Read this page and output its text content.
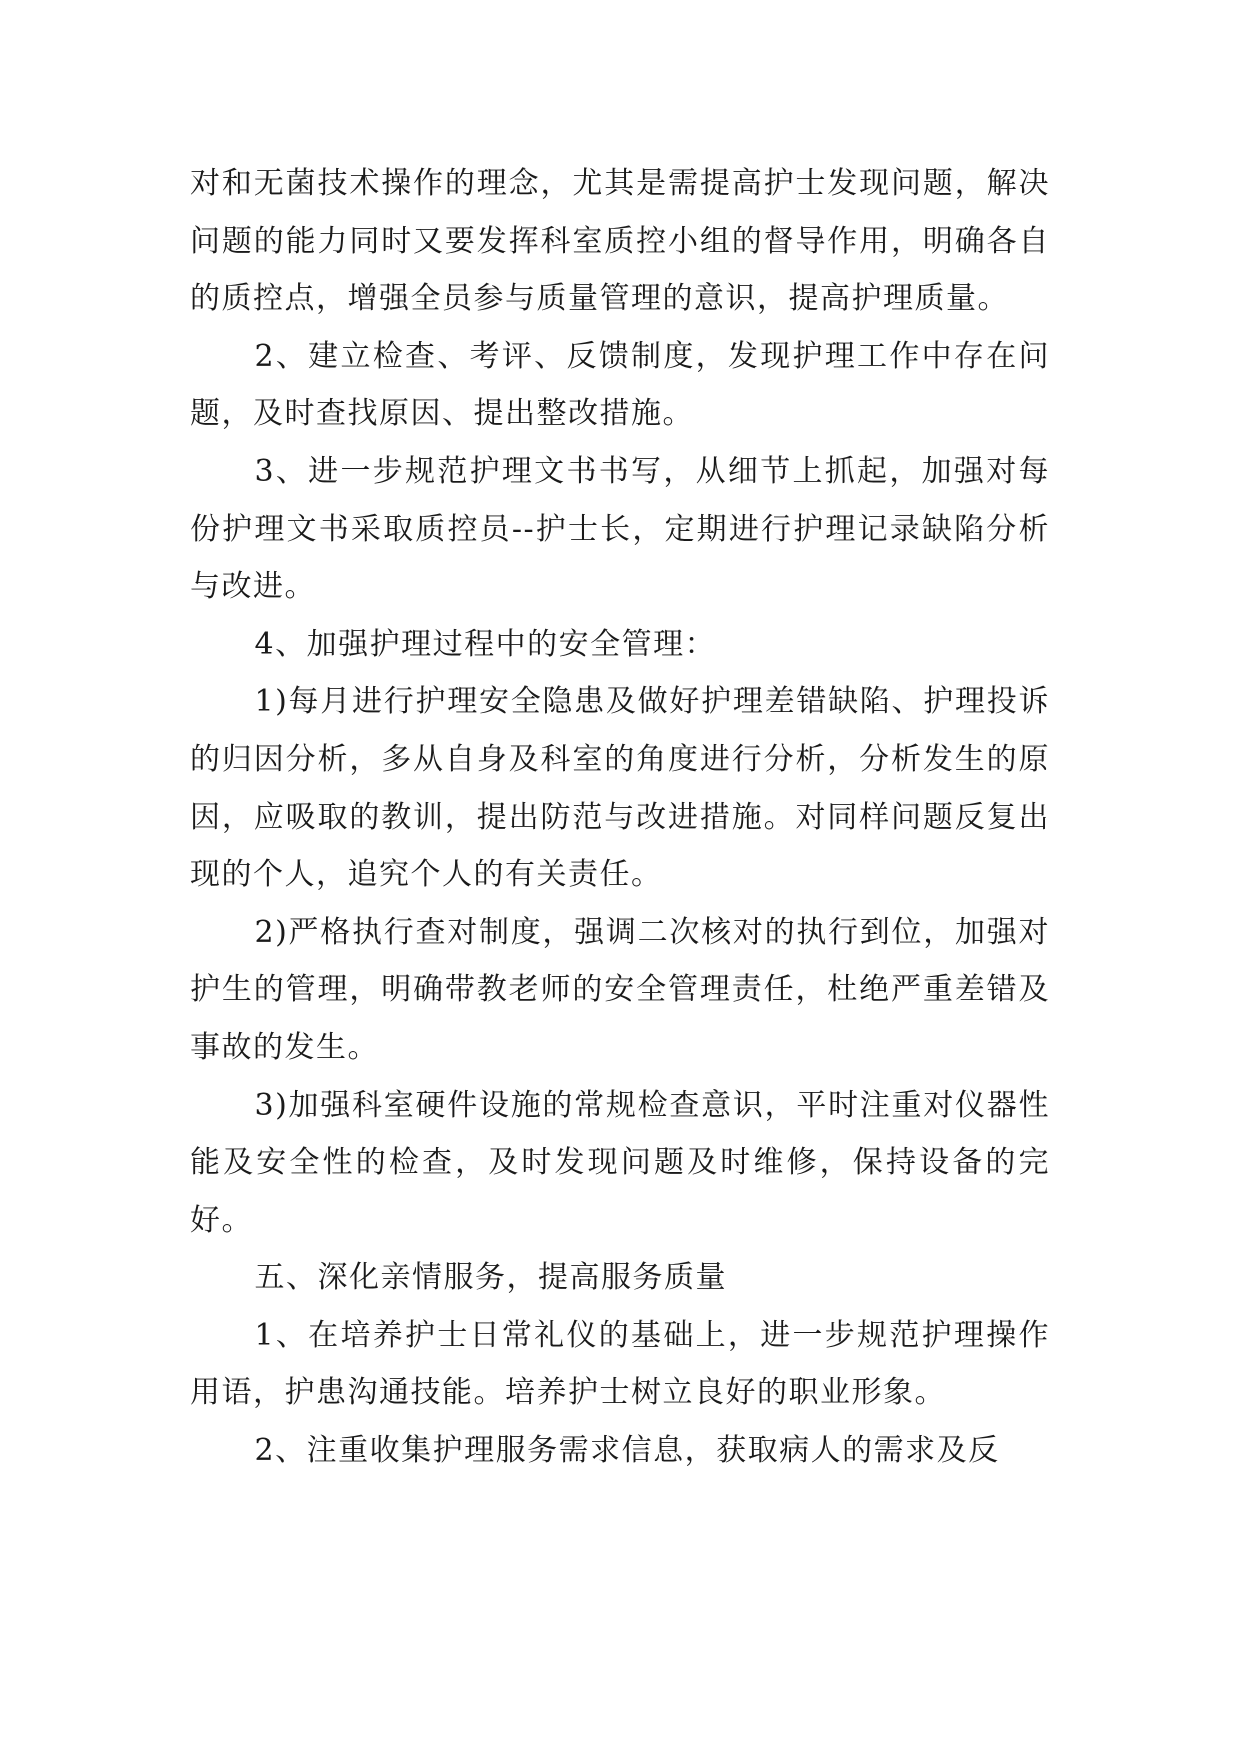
对和无菌技术操作的理念，尤其是需提高护士发现问题，解决问题的能力同时又要发挥科室质控小组的督导作用，明确各自的质控点，增强全员参与质量管理的意识，提高护理质量。

2、建立检查、考评、反馈制度，发现护理工作中存在问题，及时查找原因、提出整改措施。

3、进一步规范护理文书书写，从细节上抓起，加强对每份护理文书采取质控员--护士长，定期进行护理记录缺陷分析与改进。

4、加强护理过程中的安全管理：

1)每月进行护理安全隐患及做好护理差错缺陷、护理投诉的归因分析，多从自身及科室的角度进行分析，分析发生的原因，应吸取的教训，提出防范与改进措施。对同样问题反复出现的个人，追究个人的有关责任。

2)严格执行查对制度，强调二次核对的执行到位，加强对护生的管理，明确带教老师的安全管理责任，杜绝严重差错及事故的发生。

3)加强科室硬件设施的常规检查意识，平时注重对仪器性能及安全性的检查，及时发现问题及时维修，保持设备的完好。

五、深化亲情服务，提高服务质量

1、在培养护士日常礼仪的基础上，进一步规范护理操作用语，护患沟通技能。培养护士树立良好的职业形象。

2、注重收集护理服务需求信息，获取病人的需求及反
